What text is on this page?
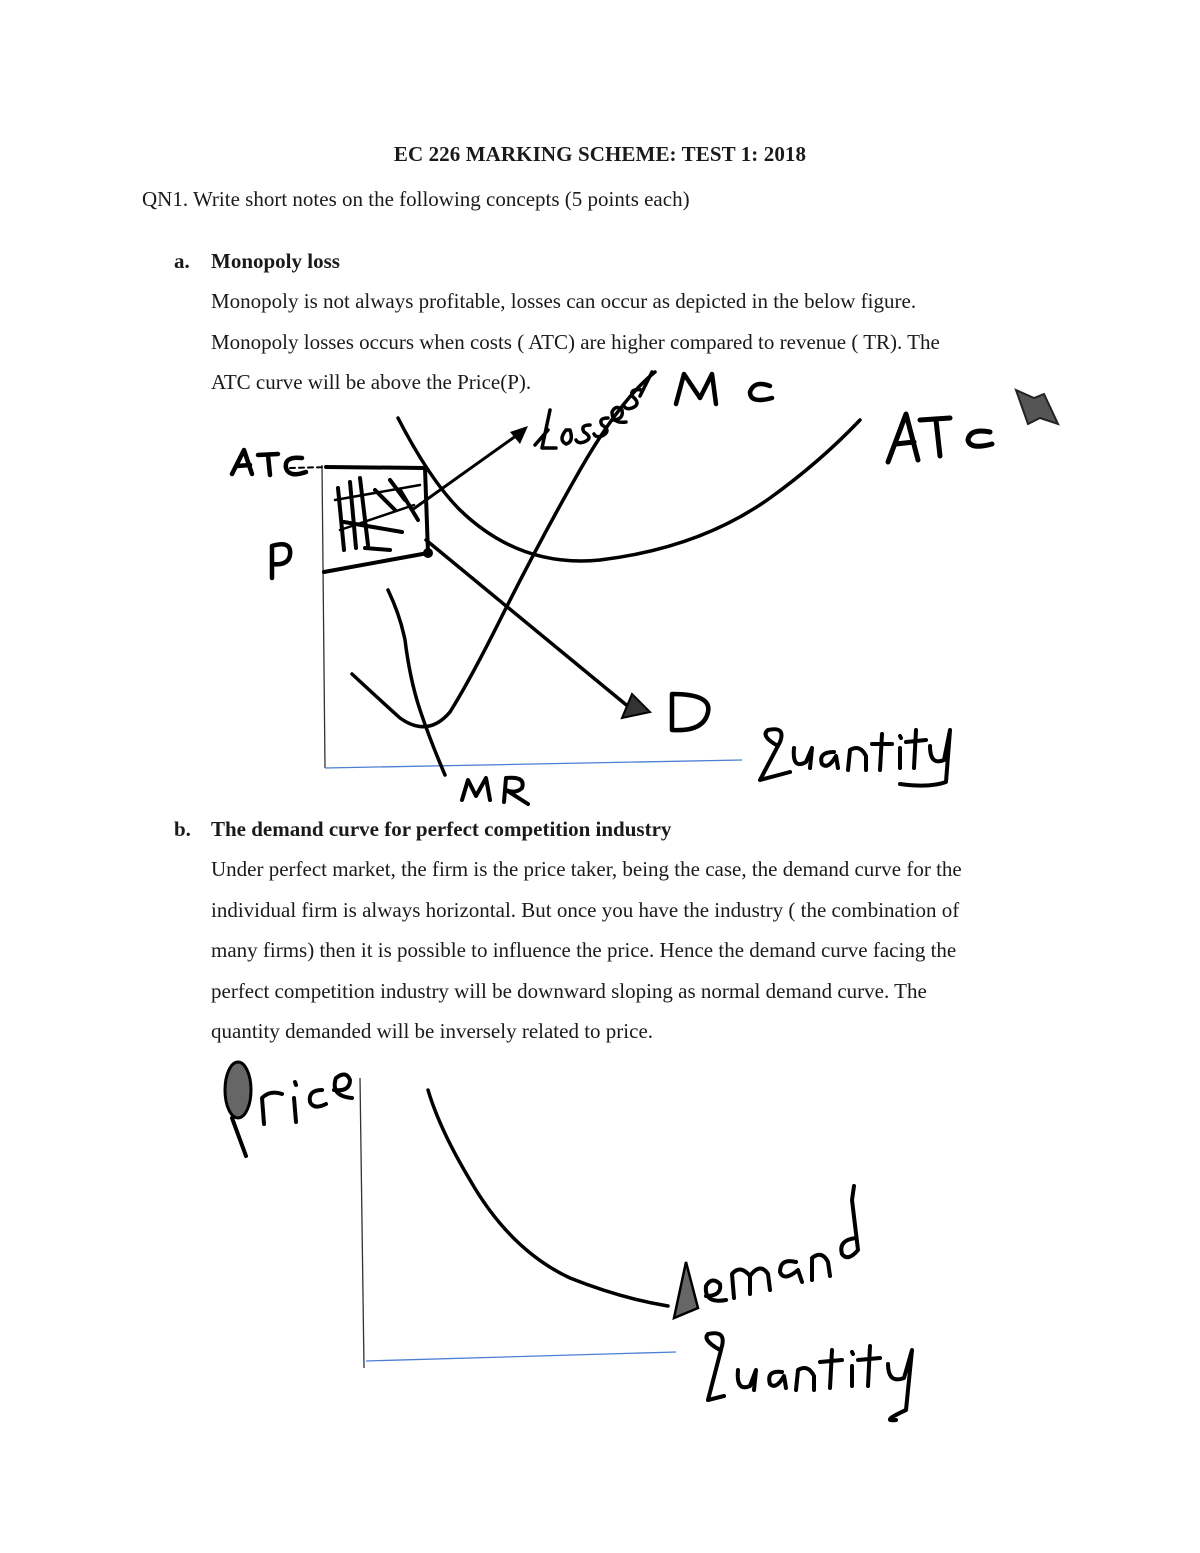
EC 226 MARKING SCHEME: TEST 1: 2018
QN1. Write short notes on the following concepts (5 points each)
a. Monopoly loss
Monopoly is not always profitable, losses can occur as depicted in the below figure.
Monopoly losses occurs when costs ( ATC) are higher compared to revenue ( TR). The
ATC curve will be above the Price(P).
b. The demand curve for perfect competition industry
Under perfect market, the firm is the price taker, being the case, the demand curve for the
individual firm is always horizontal. But once you have the industry ( the combination of
many firms) then it is possible to influence the price. Hence the demand curve facing the
perfect competition industry will be downward sloping as normal demand curve. The
quantity demanded will be inversely related to price.
